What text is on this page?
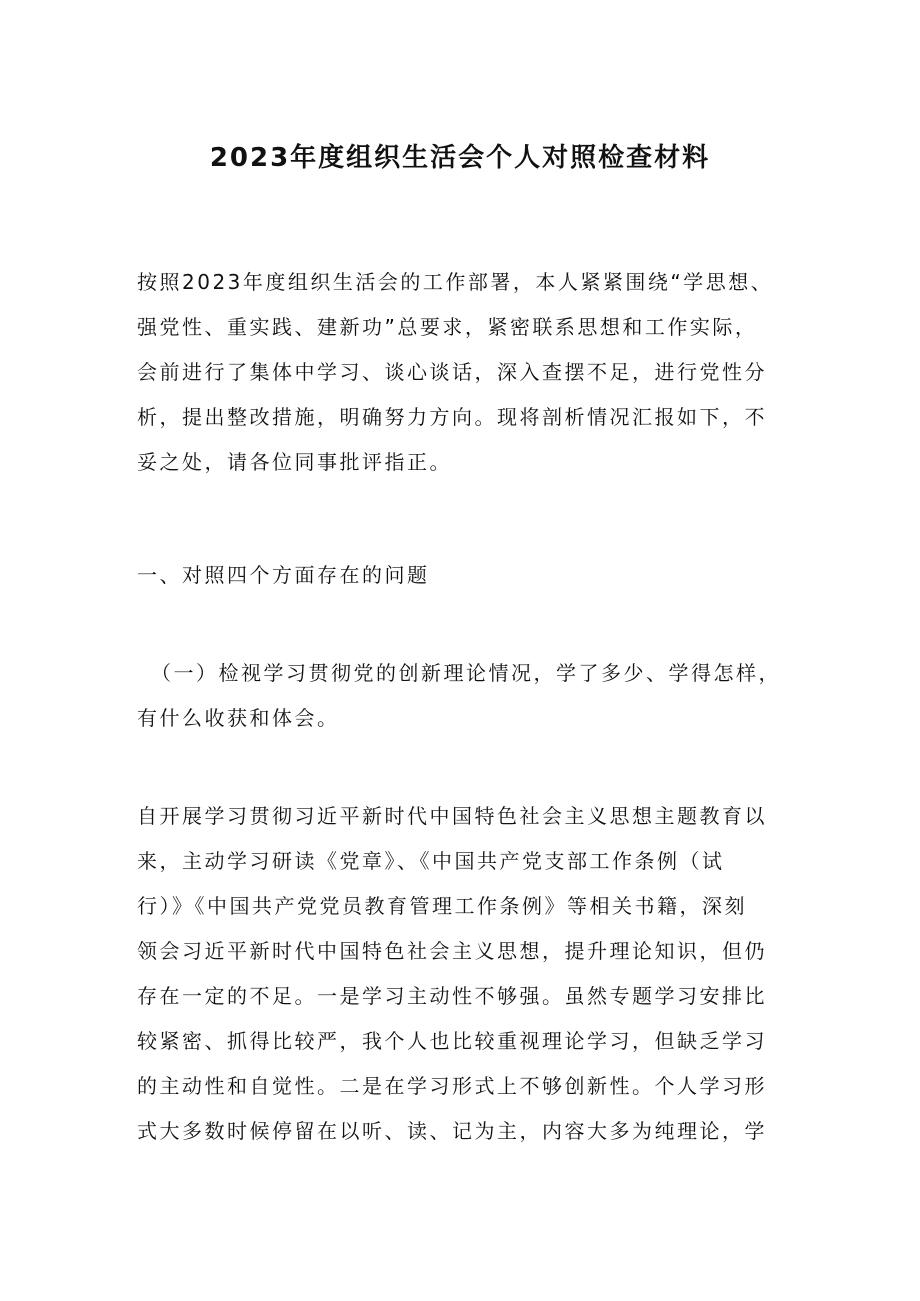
2023年度组织生活会个人对照检查材料
按照2023年度组织生活会的工作部署，本人紧紧围绕“学思想、
强党性、重实践、建新功”总要求，紧密联系思想和工作实际，
会前进行了集体中学习、谈心谈话，深入查摆不足，进行党性分
析，提出整改措施，明确努力方向。现将剖析情况汇报如下，不
妥之处，请各位同事批评指正。
一、对照四个方面存在的问题
（一）检视学习贯彻党的创新理论情况，学了多少、学得怎样，
有什么收获和体会。
自开展学习贯彻习近平新时代中国特色社会主义思想主题教育以
来，主动学习研读《党章》、《中国共产党支部工作条例（试
行）》《中国共产党党员教育管理工作条例》等相关书籍，深刻
领会习近平新时代中国特色社会主义思想，提升理论知识，但仍
存在一定的不足。一是学习主动性不够强。虽然专题学习安排比
较紧密、抓得比较严，我个人也比较重视理论学习，但缺乏学习
的主动性和自觉性。二是在学习形式上不够创新性。个人学习形
式大多数时候停留在以听、读、记为主，内容大多为纯理论，学
